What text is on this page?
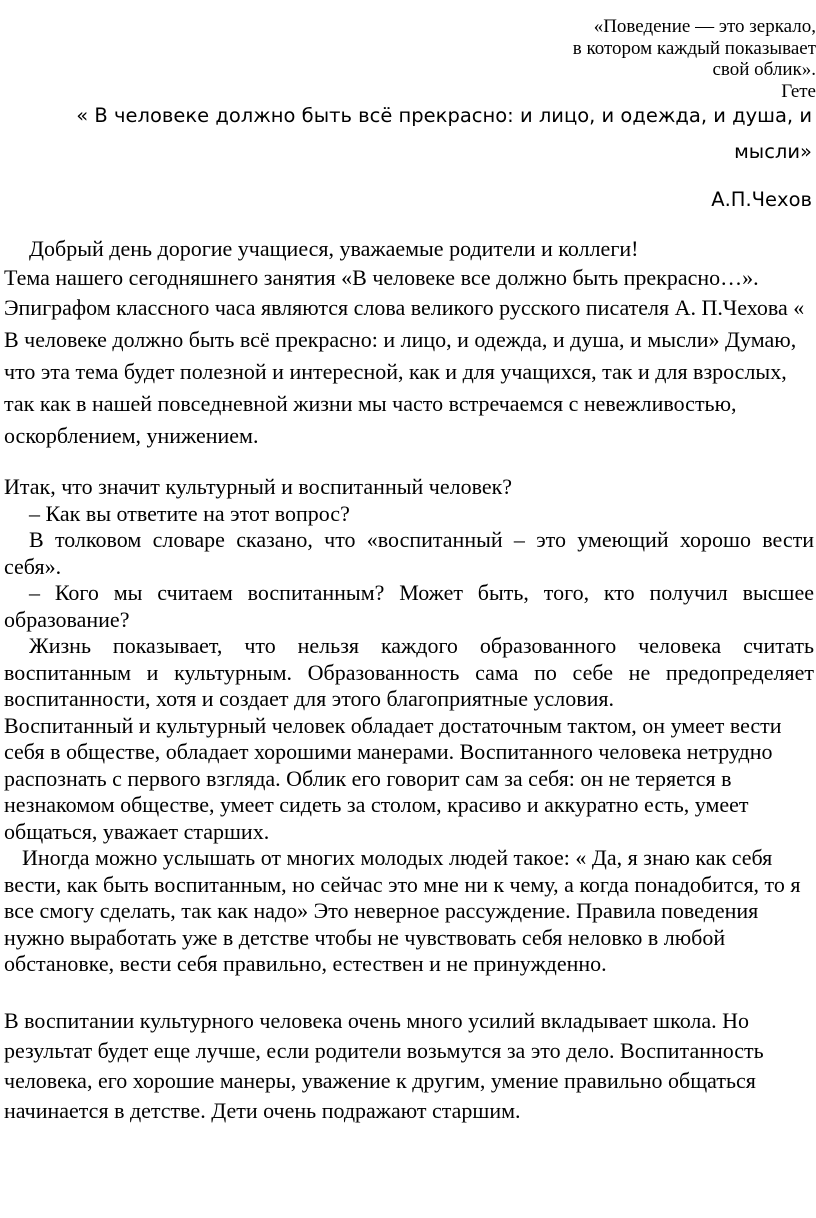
«Поведение — это зеркало,
в котором каждый показывает
свой облик».
Гете
« В человеке должно быть всё прекрасно: и лицо, и одежда, и душа, и мысли»
А.П.Чехов

Добрый день дорогие учащиеся, уважаемые родители и коллеги!

Тема нашего сегодняшнего занятия «В человеке все должно быть прекрасно…».

Эпиграфом классного часа являются слова великого русского писателя А. П.Чехова « В человеке должно быть всё прекрасно: и лицо, и одежда, и душа, и мысли» Думаю, что эта тема будет полезной и интересной, как и для учащихся, так и для взрослых, так как в нашей повседневной жизни мы часто встречаемся с невежливостью, оскорблением, унижением.

Итак, что значит культурный и воспитанный человек?

– Как вы ответите на этот вопрос?

В толковом словаре сказано, что «воспитанный – это умеющий хорошо вести себя».

– Кого мы считаем воспитанным? Может быть, того, кто получил высшее образование?

Жизнь показывает, что нельзя каждого образованного человека считать воспитанным и культурным. Образованность сама по себе не предопределяет воспитанности, хотя и создает для этого благоприятные условия.

Воспитанный и культурный человек обладает достаточным тактом, он умеет вести себя в обществе, обладает хорошими манерами. Воспитанного человека нетрудно распознать с первого взгляда. Облик его говорит сам за себя: он не теряется в незнакомом обществе, умеет сидеть за столом, красиво и аккуратно есть, умеет общаться, уважает старших.

Иногда можно услышать от многих молодых людей такое: « Да, я знаю как себя вести, как быть воспитанным, но сейчас это мне ни к чему, а когда понадобится, то я все смогу сделать, так как надо» Это неверное рассуждение. Правила поведения нужно выработать уже в детстве чтобы не чувствовать себя неловко в любой обстановке, вести себя правильно, естествен и не принужденно.

В воспитании культурного человека очень много усилий вкладывает школа. Но результат будет еще лучше, если родители возьмутся за это дело. Воспитанность человека, его хорошие манеры, уважение к другим, умение правильно общаться начинается в детстве. Дети очень подражают старшим.
